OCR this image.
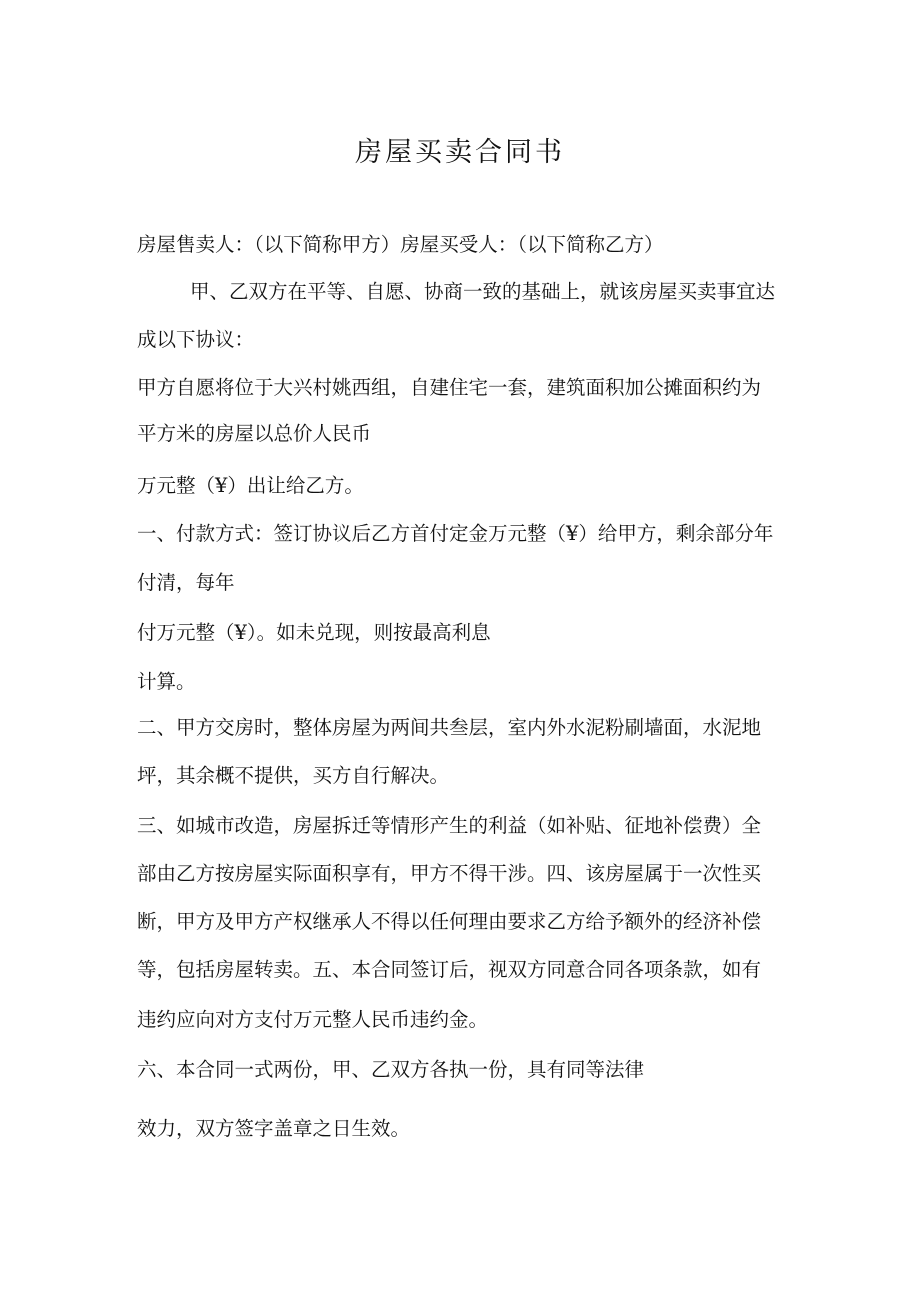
房屋买卖合同书

房屋售卖人：（以下简称甲方）房屋买受人：（以下简称乙方）

甲、乙双方在平等、自愿、协商一致的基础上，就该房屋买卖事宜达

成以下协议：

甲方自愿将位于大兴村姚西组，自建住宅一套，建筑面积加公摊面积约为

平方米的房屋以总价人民币

万元整（¥）出让给乙方。

一、付款方式：签订协议后乙方首付定金万元整（¥）给甲方，剩余部分年

付清，每年

付万元整（¥）。如未兑现，则按最高利息

计算。

二、甲方交房时，整体房屋为两间共叁层，室内外水泥粉刷墙面，水泥地

坪，其余概不提供，买方自行解决。

三、如城市改造，房屋拆迁等情形产生的利益（如补贴、征地补偿费）全

部由乙方按房屋实际面积享有，甲方不得干涉。四、该房屋属于一次性买

断，甲方及甲方产权继承人不得以任何理由要求乙方给予额外的经济补偿

等，包括房屋转卖。五、本合同签订后，视双方同意合同各项条款，如有

违约应向对方支付万元整人民币违约金。

六、本合同一式两份，甲、乙双方各执一份，具有同等法律

效力，双方签字盖章之日生效。
